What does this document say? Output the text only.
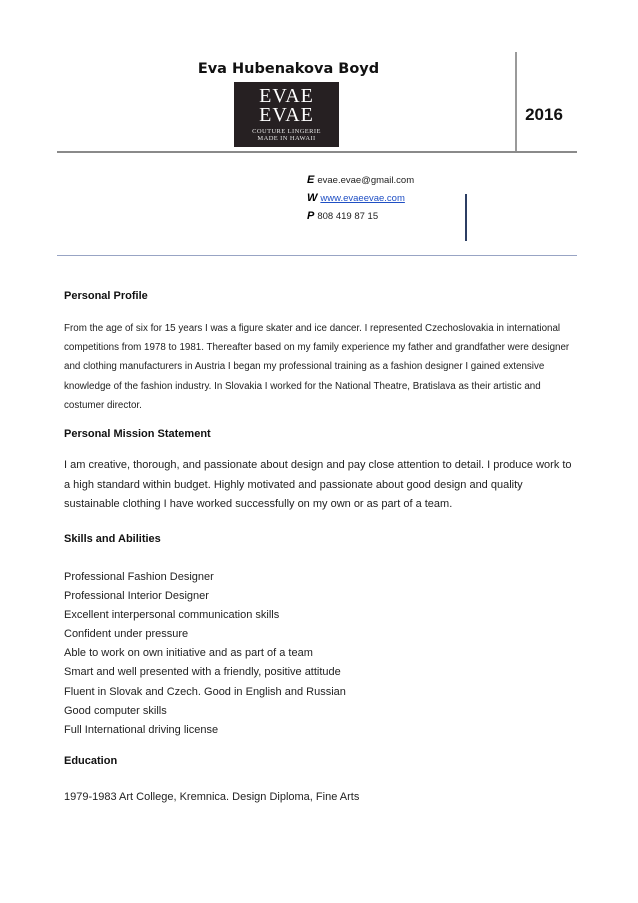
Eva Hubenakova Boyd
EVAE
EVAE
COUTURE LINGERIE
MADE IN HAWAII
2016
E evae.evae@gmail.com
W www.evaeevae.com
P 808 419 87 15
Personal Profile
From the age of six for 15 years I was a figure skater and ice dancer. I represented Czechoslovakia in international competitions from 1978 to 1981. Thereafter based on my family experience my father and grandfather were designer and clothing manufacturers in Austria I began my professional training as a fashion designer I gained extensive knowledge of the fashion industry. In Slovakia I worked for the National Theatre, Bratislava as their artistic and costumer director.
Personal Mission Statement
I am creative, thorough, and passionate about design and pay close attention to detail. I produce work to a high standard within budget. Highly motivated and passionate about good design and quality sustainable clothing I have worked successfully on my own or as part of a team.
Skills and Abilities
Professional Fashion Designer
Professional Interior Designer
Excellent interpersonal communication skills
Confident under pressure
Able to work on own initiative and as part of a team
Smart and well presented with a friendly, positive attitude
Fluent in Slovak and Czech. Good in English and Russian
Good computer skills
Full International driving license
Education
1979-1983 Art College, Kremnica. Design Diploma, Fine Arts
